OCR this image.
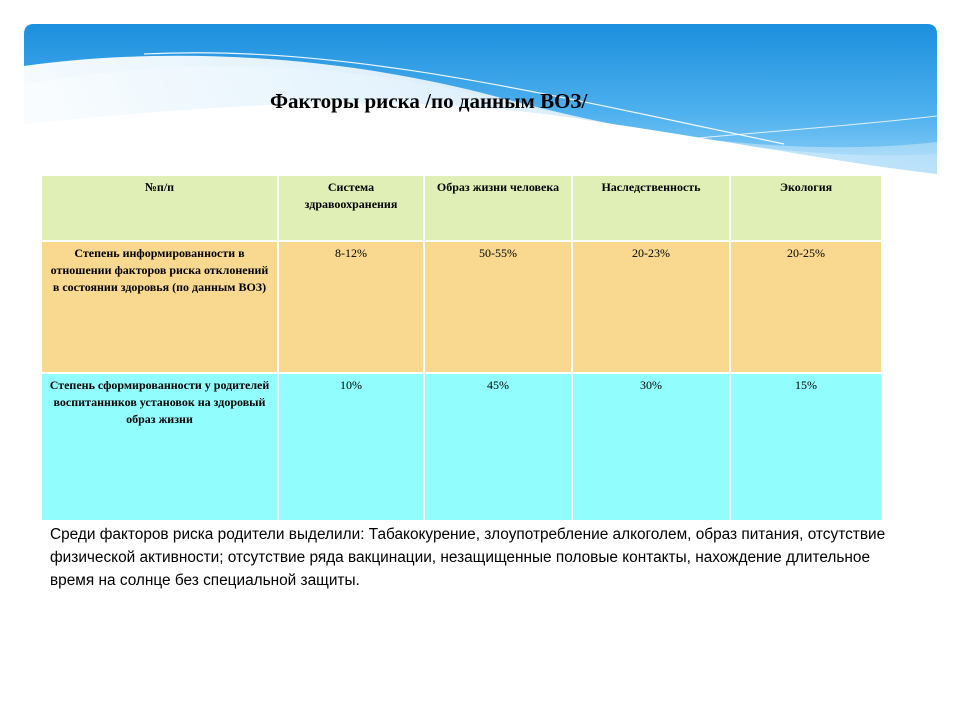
Факторы риска /по данным ВОЗ/
№п/п	Система здравоохранения	Образ жизни человека	Наследственность	Экология
Степень информированности в отношении факторов риска отклонений в состоянии здоровья (по данным ВОЗ)	8-12%	50-55%	20-23%	20-25%
Степень сформированности у родителей воспитанников установок на здоровый образ жизни	10%	45%	30%	15%
Среди факторов риска родители выделили: Табакокурение, злоупотребление алкоголем, образ питания, отсутствие физической активности; отсутствие ряда вакцинации, незащищенные половые контакты, нахождение длительное время на солнце без специальной защиты.
